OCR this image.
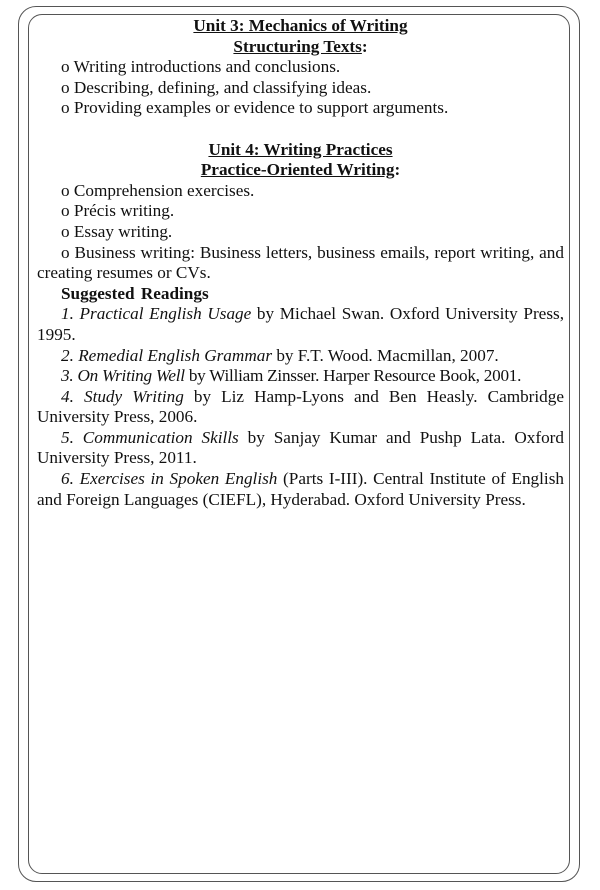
Unit 3: Mechanics of Writing
Structuring Texts:
o Writing introductions and conclusions.
o Describing, defining, and classifying ideas.
o Providing examples or evidence to support arguments.
Unit 4: Writing Practices
Practice-Oriented Writing:
o Comprehension exercises.
o Précis writing.
o Essay writing.
o Business writing: Business letters, business emails, report writing, and creating resumes or CVs.
Suggested Readings
1. Practical English Usage by Michael Swan. Oxford University Press, 1995.
2. Remedial English Grammar by F.T. Wood. Macmillan, 2007.
3. On Writing Well by William Zinsser. Harper Resource Book, 2001.
4. Study Writing by Liz Hamp-Lyons and Ben Heasly. Cambridge University Press, 2006.
5. Communication Skills by Sanjay Kumar and Pushp Lata. Oxford University Press, 2011.
6. Exercises in Spoken English (Parts I-III). Central Institute of English and Foreign Languages (CIEFL), Hyderabad. Oxford University Press.
